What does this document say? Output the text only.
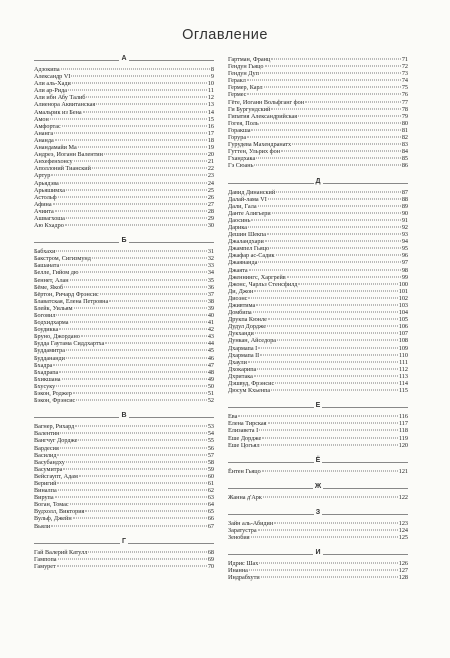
Оглавление
А
Адзокипа	8
Александр VI	9
Али аль-Хади	10
Али ар-Рида	11
Али ибн Абу Талиб	12
Алиенора Аквитанская	13
Амальрик из Бена	14
Амон	15
Амфортас	16
Ананга	17
Ананда	18
Анандамайи Ма	19
Андреэ, Иоганн Валентин	20
Анхефенхонсу	21
Аполлоний Тианский	22
Артур	23
Арьядэва	24
Арьяшимха	25
Астольф	26
Афина	27
Ачиита	28
Ашвагхоша	29
Аю Кхадро	30
Б
Бабхахи	31
Бакстром, Сигизмунд	32
Башаната	33
Белле, Гийом дю	34
Беннет, Алан	35
Бёме, Якоб	36
Бёртон, Ричард Фрэнсис	37
Блаватская, Елена Петровна	38
Блейк, Уильям	39
Боговил	40
Бодхидхарма	41
Боудикка	42
Бруно, Джордано	43
Будда Гаутама Сиддхартха	44
Буддамитра	45
Буддананди	46
Бхадра	47
Бхадрапа	48
Бхикшана	49
Бхусуку	50
Бэкон, Роджер	51
Бэкон, Фрэнсис	52
В
Вагнер, Рихард	53
Валентин	54
Вангчуг Дордже	55
Вардесия	56
Василид	57
Васубандху	58
Васумитра	59
Вейсгаупт, Адам	60
Веригий	61
Виналпа	62
Вирупа	63
Воган, Томас	64
Вудхолл, Виктория	65
Вульф, Джейн	66
Вьяли	67
Г
Гай Валерий Катулл	68
Гампопа	69
Гамурет	70
Гартман, Франц	71
Гендун Гьяцо	72
Гендун Дуп	73
Геракл	74
Гермер, Карл	75
Гермес	76
Гёте, Иоганн Вольфганг фон	77
Ги Бургундский	78
Гипатия Александрийская	79
Гогея, Поль	80
Горакша	81
Горура	82
Гурудева Махендранатх	83
Гуттен, Ульрих фон	84
Гхандхака	85
Гэ Сюань	86
Д
Давид Динанский	87
Далай-лама VI	88
Дали, Гала	89
Данте Алигьери	90
Даосинь	91
Дарика	92
Дешин Шекпа	93
Джаландхари	94
Джампел Гьяцо	95
Джафар ас-Садик	96
Джаянанда	97
Джаята	98
Дженнингс, Харгрейв	99
Джонс, Чарльз Стенсфилд	100
Ди, Джон	101
Диоэнс	102
Дживтима	103
Домбипа	104
Друкпа Кюнле	105
Дудул Дордже	106
Дукханди	107
Дункан, Айседора	108
Дхармапа I	109
Дхармапа II	110
Дхаули	111
Дхокарипа	112
Дхритака	113
Дэшвуд, Фрэнсис	114
Дюсум Кхьенпа	115
Е
Ева	116
Елена Тирская	117
Елизавета I	118
Еше Дордже	119
Еше Цогьял	120
Ё
Ёнтен Гьяцо	121
Ж
Жанна д'Арк	122
З
Зайн аль-Абидин	123
Заратустра	124
Зенобия	125
И
Идрис Шах	126
Инанна	127
Индрабхути	128
